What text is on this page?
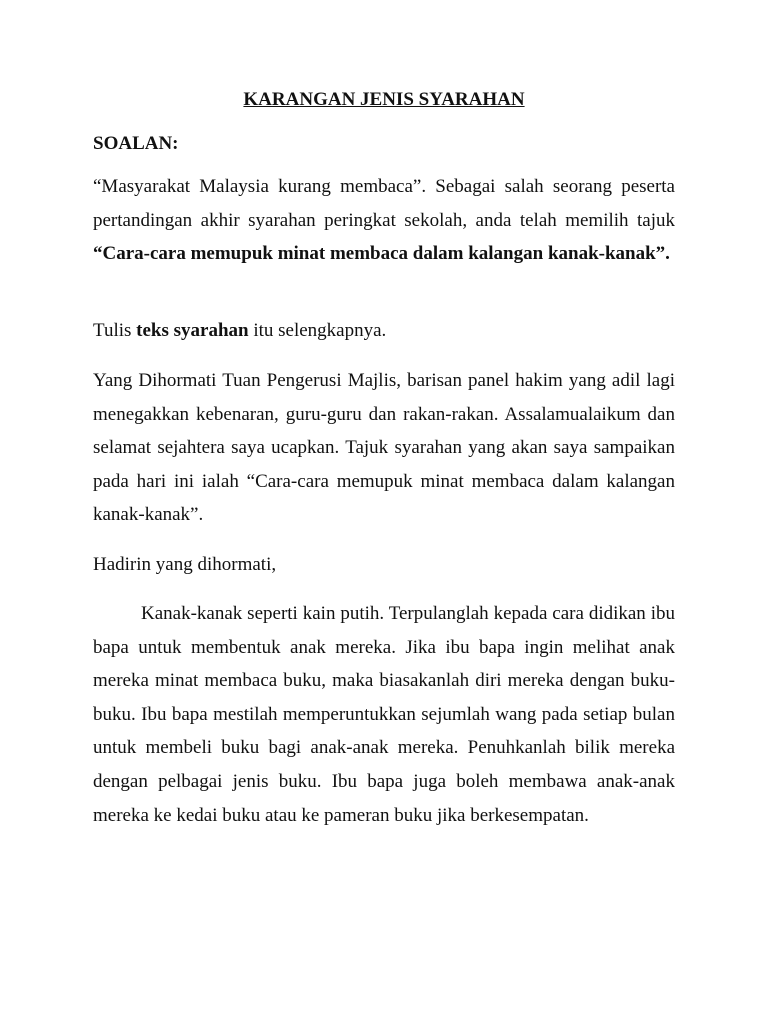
KARANGAN JENIS SYARAHAN
SOALAN:

“Masyarakat Malaysia kurang membaca”. Sebagai salah seorang peserta pertandingan akhir syarahan peringkat sekolah, anda telah memilih tajuk “Cara-cara memupuk minat membaca dalam kalangan kanak-kanak”.

Tulis teks syarahan itu selengkapnya.

Yang Dihormati Tuan Pengerusi Majlis, barisan panel hakim yang adil lagi menegakkan kebenaran, guru-guru dan rakan-rakan. Assalamualaikum dan selamat sejahtera saya ucapkan. Tajuk syarahan yang akan saya sampaikan pada hari ini ialah “Cara-cara memupuk minat membaca dalam kalangan kanak-kanak”.

Hadirin yang dihormati,

Kanak-kanak seperti kain putih. Terpulanglah kepada cara didikan ibu bapa untuk membentuk anak mereka. Jika ibu bapa ingin melihat anak mereka minat membaca buku, maka biasakanlah diri mereka dengan buku-buku. Ibu bapa mestilah memperuntukkan sejumlah wang pada setiap bulan untuk membeli buku bagi anak-anak mereka. Penuhkanlah bilik mereka dengan pelbagai jenis buku. Ibu bapa juga boleh membawa anak-anak mereka ke kedai buku atau ke pameran buku jika berkesempatan.
